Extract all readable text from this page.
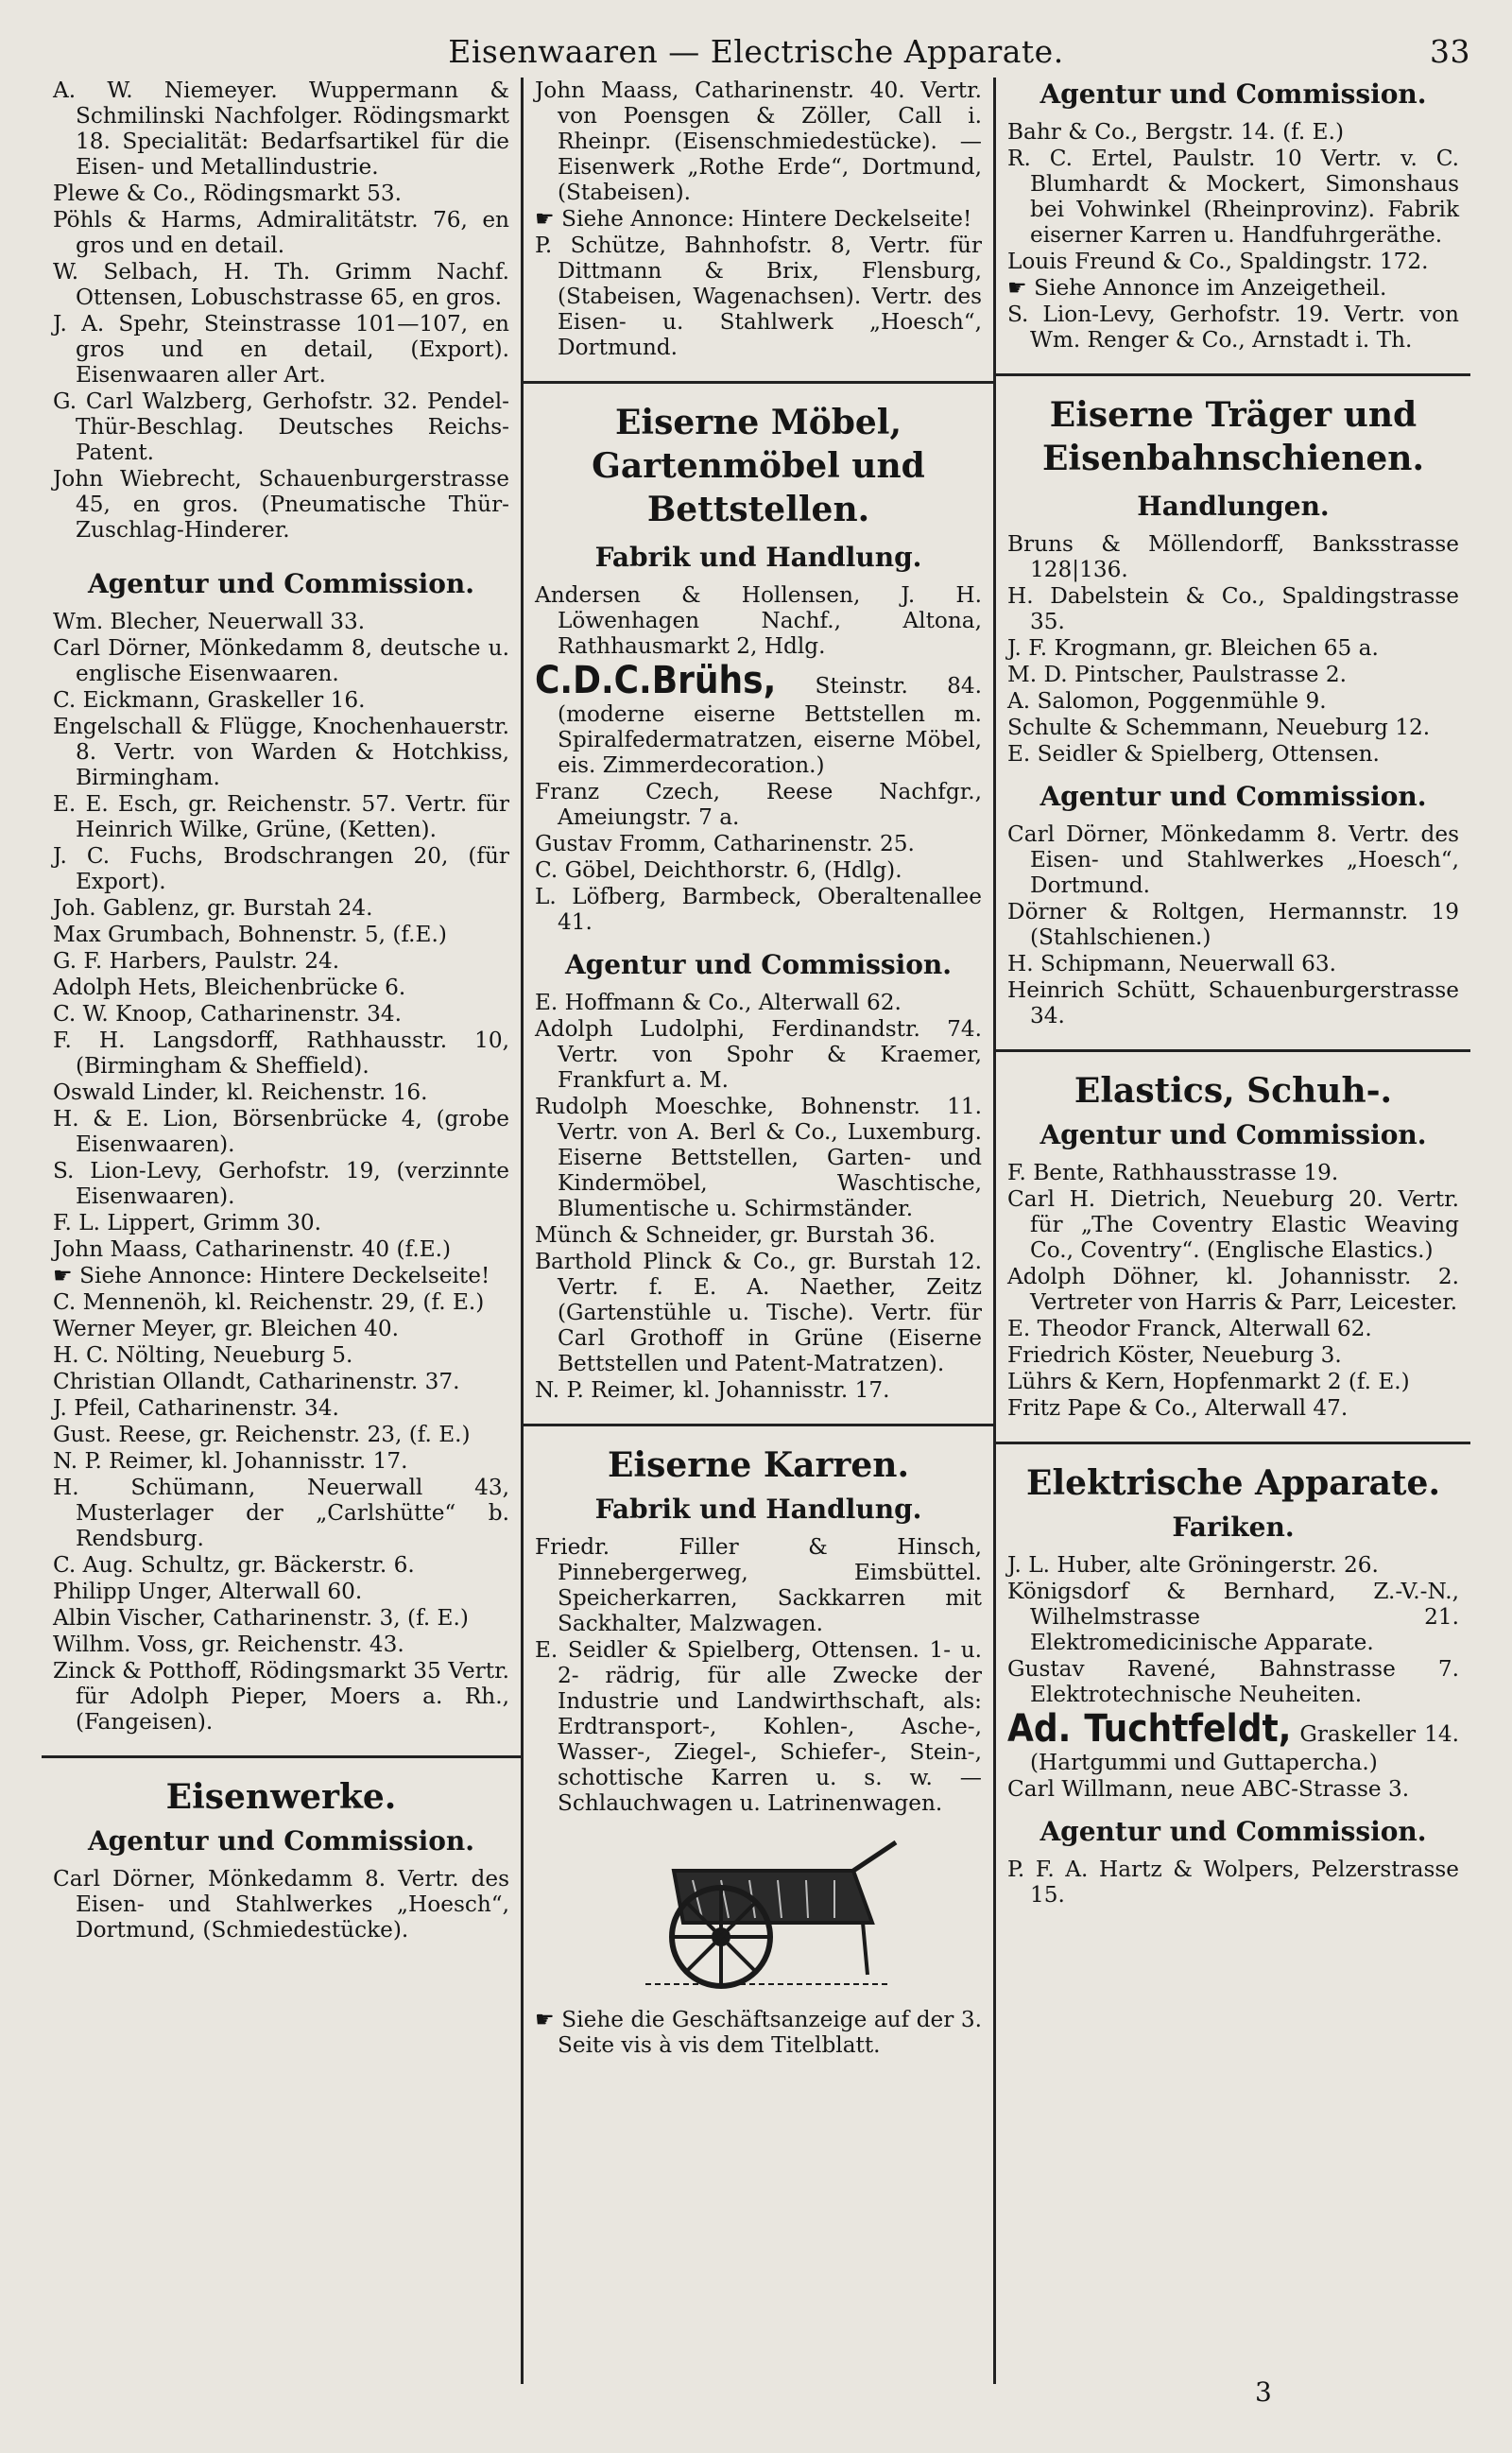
Eisenwaaren — Electrische Apparate.	33

A. W. Niemeyer. Wuppermann & Schmilinski Nachfolger. Rödingsmarkt 18. Specialität: Bedarfsartikel für die Eisen- und Metallindustrie.

Plewe & Co., Rödingsmarkt 53.

Pöhls & Harms, Admiralitätstr. 76, en gros und en detail.

W. Selbach, H. Th. Grimm Nachf. Ottensen, Lobuschstrasse 65, en gros.

J. A. Spehr, Steinstrasse 101—107, en gros und en detail, (Export). Eisenwaaren aller Art.

G. Carl Walzberg, Gerhofstr. 32. Pendel-Thür-Beschlag. Deutsches Reichs-Patent.

John Wiebrecht, Schauenburgerstrasse 45, en gros. (Pneumatische Thür-Zuschlag-Hinderer.

Agentur und Commission.

Wm. Blecher, Neuerwall 33.

Carl Dörner, Mönkedamm 8, deutsche u. englische Eisenwaaren.

C. Eickmann, Graskeller 16.

Engelschall & Flügge, Knochenhauerstr. 8. Vertr. von Warden & Hotchkiss, Birmingham.

E. E. Esch, gr. Reichenstr. 57. Vertr. für Heinrich Wilke, Grüne, (Ketten).

J. C. Fuchs, Brodschrangen 20, (für Export).

Joh. Gablenz, gr. Burstah 24.

Max Grumbach, Bohnenstr. 5, (f.E.)

G. F. Harbers, Paulstr. 24.

Adolph Hets, Bleichenbrücke 6.

C. W. Knoop, Catharinenstr. 34.

F. H. Langsdorff, Rathhausstr. 10, (Birmingham & Sheffield).

Oswald Linder, kl. Reichenstr. 16.

H. & E. Lion, Börsenbrücke 4, (grobe Eisenwaaren).

S. Lion-Levy, Gerhofstr. 19, (verzinnte Eisenwaaren).

F. L. Lippert, Grimm 30.

John Maass, Catharinenstr. 40 (f.E.)

☛ Siehe Annonce: Hintere Deckelseite!

C. Mennenöh, kl. Reichenstr. 29, (f. E.)

Werner Meyer, gr. Bleichen 40.

H. C. Nölting, Neueburg 5.

Christian Ollandt, Catharinenstr. 37.

J. Pfeil, Catharinenstr. 34.

Gust. Reese, gr. Reichenstr. 23, (f. E.)

N. P. Reimer, kl. Johannisstr. 17.

H. Schümann, Neuerwall 43, Musterlager der „Carlshütte“ b. Rendsburg.

C. Aug. Schultz, gr. Bäckerstr. 6.

Philipp Unger, Alterwall 60.

Albin Vischer, Catharinenstr. 3, (f. E.)

Wilhm. Voss, gr. Reichenstr. 43.

Zinck & Potthoff, Rödingsmarkt 35 Vertr. für Adolph Pieper, Moers a. Rh., (Fangeisen).

Eisenwerke.
Agentur und Commission.

Carl Dörner, Mönkedamm 8. Vertr. des Eisen- und Stahlwerkes „Hoesch“, Dortmund, (Schmiedestücke).

John Maass, Catharinenstr. 40. Vertr. von Poensgen & Zöller, Call i. Rheinpr. (Eisenschmiedestücke). — Eisenwerk „Rothe Erde“, Dortmund, (Stabeisen).

☛ Siehe Annonce: Hintere Deckelseite!

P. Schütze, Bahnhofstr. 8, Vertr. für Dittmann & Brix, Flensburg, (Stabeisen, Wagenachsen). Vertr. des Eisen- u. Stahlwerk „Hoesch“, Dortmund.

Eiserne Möbel,
Gartenmöbel und
Bettstellen.
Fabrik und Handlung.

Andersen & Hollensen, J. H. Löwenhagen Nachf., Altona, Rathhausmarkt 2, Hdlg.

C.D.C.Brühs, Steinstr. 84. (moderne eiserne Bettstellen m. Spiralfedermatratzen, eiserne Möbel, eis. Zimmerdecoration.)

Franz Czech, Reese Nachfgr., Ameiungstr. 7 a.

Gustav Fromm, Catharinenstr. 25.

C. Göbel, Deichthorstr. 6, (Hdlg).

L. Löfberg, Barmbeck, Oberaltenallee 41.

Agentur und Commission.

E. Hoffmann & Co., Alterwall 62.

Adolph Ludolphi, Ferdinandstr. 74. Vertr. von Spohr & Kraemer, Frankfurt a. M.

Rudolph Moeschke, Bohnenstr. 11. Vertr. von A. Berl & Co., Luxemburg. Eiserne Bettstellen, Garten- und Kindermöbel, Waschtische, Blumentische u. Schirmständer.

Münch & Schneider, gr. Burstah 36.

Barthold Plinck & Co., gr. Burstah 12. Vertr. f. E. A. Naether, Zeitz (Gartenstühle u. Tische). Vertr. für Carl Grothoff in Grüne (Eiserne Bettstellen und Patent-Matratzen).

N. P. Reimer, kl. Johannisstr. 17.

Eiserne Karren.
Fabrik und Handlung.

Friedr. Filler & Hinsch, Pinnebergerweg, Eimsbüttel. Speicherkarren, Sackkarren mit Sackhalter, Malzwagen.

E. Seidler & Spielberg, Ottensen. 1- u. 2- rädrig, für alle Zwecke der Industrie und Landwirthschaft, als: Erdtransport-, Kohlen-, Asche-, Wasser-, Ziegel-, Schiefer-, Stein-, schottische Karren u. s. w. — Schlauchwagen u. Latrinenwagen.

☛ Siehe die Geschäftsanzeige auf der 3. Seite vis à vis dem Titelblatt.

Agentur und Commission.

Bahr & Co., Bergstr. 14. (f. E.)

R. C. Ertel, Paulstr. 10 Vertr. v. C. Blumhardt & Mockert, Simonshaus bei Vohwinkel (Rheinprovinz). Fabrik eiserner Karren u. Handfuhrgeräthe.

Louis Freund & Co., Spaldingstr. 172.

☛ Siehe Annonce im Anzeigetheil.

S. Lion-Levy, Gerhofstr. 19. Vertr. von Wm. Renger & Co., Arnstadt i. Th.

Eiserne Träger und
Eisenbahnschienen.
Handlungen.

Bruns & Möllendorff, Banksstrasse 128|136.

H. Dabelstein & Co., Spaldingstrasse 35.

J. F. Krogmann, gr. Bleichen 65 a.

M. D. Pintscher, Paulstrasse 2.

A. Salomon, Poggenmühle 9.

Schulte & Schemmann, Neueburg 12.

E. Seidler & Spielberg, Ottensen.

Agentur und Commission.

Carl Dörner, Mönkedamm 8. Vertr. des Eisen- und Stahlwerkes „Hoesch“, Dortmund.

Dörner & Roltgen, Hermannstr. 19 (Stahlschienen.)

H. Schipmann, Neuerwall 63.

Heinrich Schütt, Schauenburgerstrasse 34.

Elastics, Schuh-.
Agentur und Commission.

F. Bente, Rathhausstrasse 19.

Carl H. Dietrich, Neueburg 20. Vertr. für „The Coventry Elastic Weaving Co., Coventry“. (Englische Elastics.)

Adolph Döhner, kl. Johannisstr. 2. Vertreter von Harris & Parr, Leicester.

E. Theodor Franck, Alterwall 62.

Friedrich Köster, Neueburg 3.

Lührs & Kern, Hopfenmarkt 2 (f. E.)

Fritz Pape & Co., Alterwall 47.

Elektrische Apparate.
Fariken.

J. L. Huber, alte Gröningerstr. 26.

Königsdorf & Bernhard, Z.-V.-N., Wilhelmstrasse 21. Elektromedicinische Apparate.

Gustav Ravené, Bahnstrasse 7. Elektrotechnische Neuheiten.

Ad. Tuchtfeldt, Graskeller 14. (Hartgummi und Guttapercha.)

Carl Willmann, neue ABC-Strasse 3.

Agentur und Commission.

P. F. A. Hartz & Wolpers, Pelzerstrasse 15.

3
